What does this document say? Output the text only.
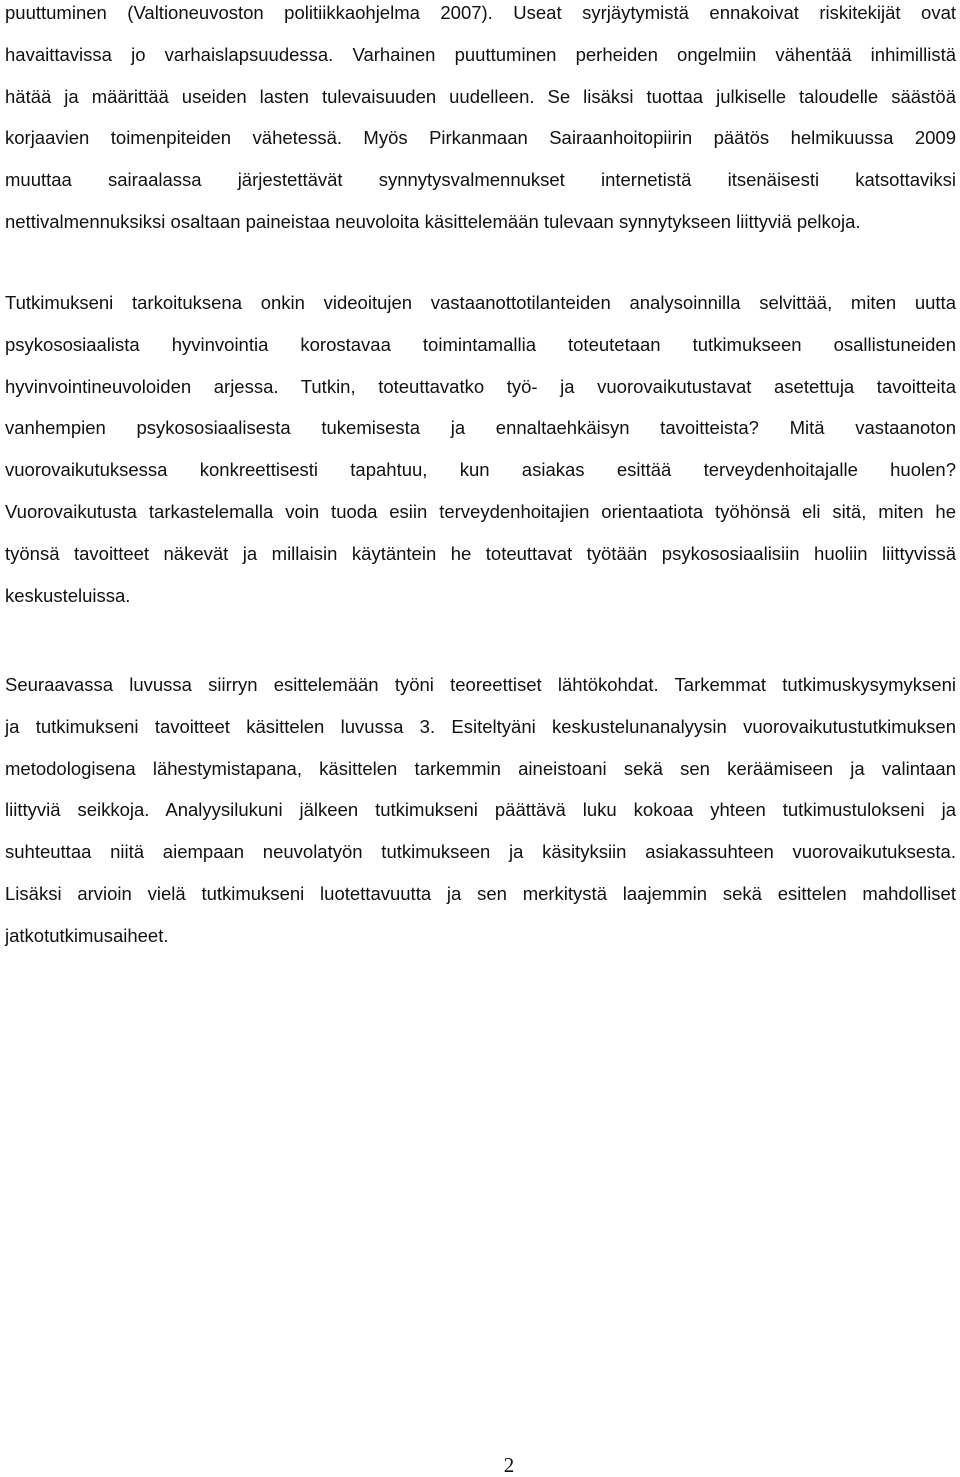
puuttuminen (Valtioneuvoston politiikkaohjelma 2007). Useat syrjäytymistä ennakoivat riskitekijät ovat
havaittavissa jo varhaislapsuudessa. Varhainen puuttuminen perheiden ongelmiin vähentää inhimillistä
hätää ja määrittää useiden lasten tulevaisuuden uudelleen. Se lisäksi tuottaa julkiselle taloudelle säästöä
korjaavien toimenpiteiden vähetessä. Myös Pirkanmaan Sairaanhoitopiirin päätös helmikuussa 2009
muuttaa sairaalassa järjestettävät synnytysvalmennukset internetistä itsenäisesti katsottaviksi
nettivalmennuksiksi osaltaan paineistaa neuvoloita käsittelemään tulevaan synnytykseen liittyviä pelkoja.
Tutkimukseni tarkoituksena onkin videoitujen vastaanottotilanteiden analysoinnilla selvittää, miten uutta
psykososiaalista hyvinvointia korostavaa toimintamallia toteutetaan tutkimukseen osallistuneiden
hyvinvointineuvoloiden arjessa. Tutkin, toteuttavatko työ- ja vuorovaikutustavat asetettuja tavoitteita
vanhempien psykososiaalisesta tukemisesta ja ennaltaehkäisyn tavoitteista? Mitä vastaanoton
vuorovaikutuksessa konkreettisesti tapahtuu, kun asiakas esittää terveydenhoitajalle huolen?
Vuorovaikutusta tarkastelemalla voin tuoda esiin terveydenhoitajien orientaatiota työhönsä eli sitä, miten he
työnsä tavoitteet näkevät ja millaisin käytäntein he toteuttavat työtään psykososiaalisiin huoliin liittyvissä
keskusteluissa.
Seuraavassa luvussa siirryn esittelemään työni teoreettiset lähtökohdat. Tarkemmat tutkimuskysymykseni
ja tutkimukseni tavoitteet käsittelen luvussa 3. Esiteltyäni keskustelunanalyysin vuorovaikutustutkimuksen
metodologisena lähestymistapana, käsittelen tarkemmin aineistoani sekä sen keräämiseen ja valintaan
liittyviä seikkoja. Analyysilukuni jälkeen tutkimukseni päättävä luku kokoaa yhteen tutkimustulokseni ja
suhteuttaa niitä aiempaan neuvolatyön tutkimukseen ja käsityksiin asiakassuhteen vuorovaikutuksesta.
Lisäksi arvioin vielä tutkimukseni luotettavuutta ja sen merkitystä laajemmin sekä esittelen mahdolliset
jatkotutkimusaiheet.

2
